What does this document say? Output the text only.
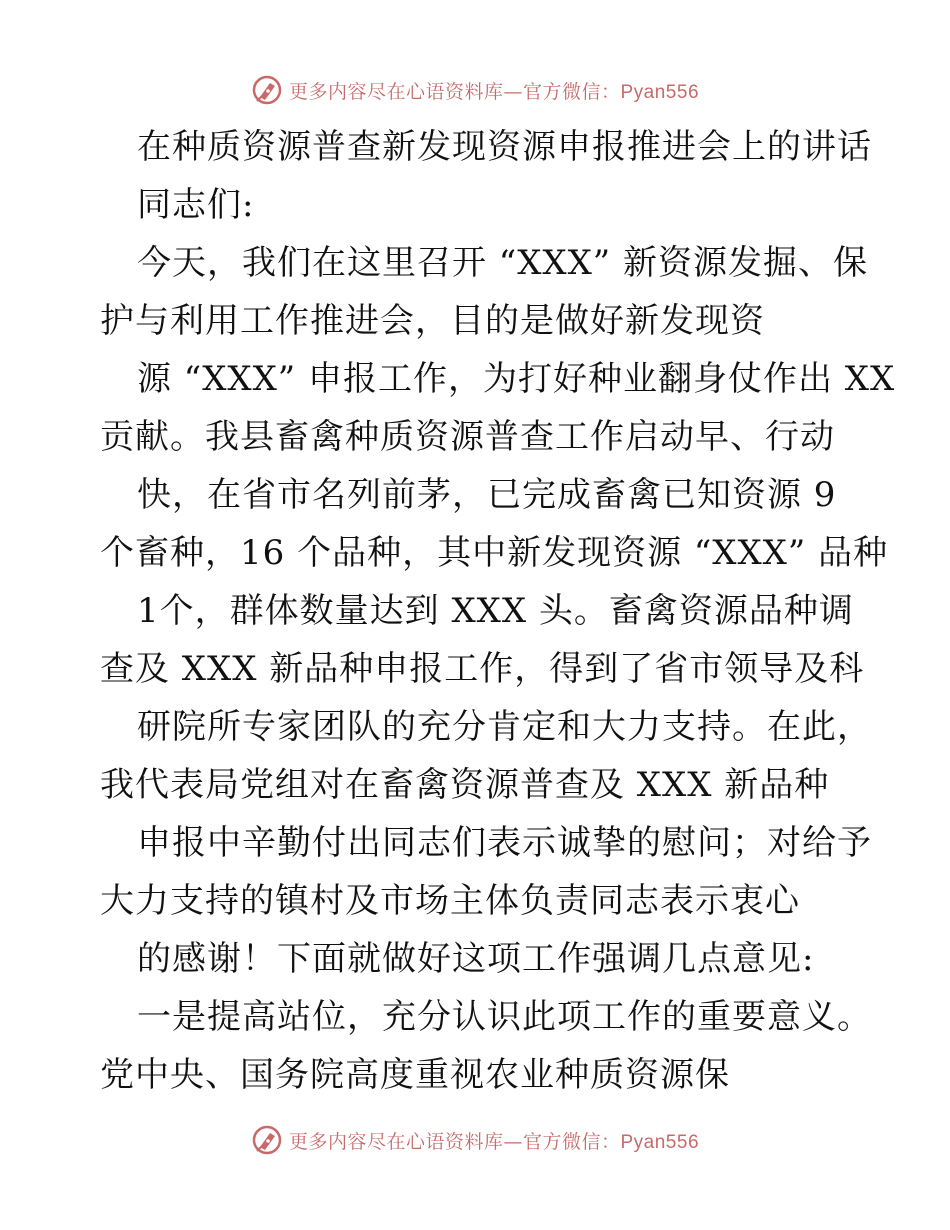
更多内容尽在心语资料库—官方微信：Pyan556
在种质资源普查新发现资源申报推进会上的讲话
同志们:
今天，我们在这里召开 “XXX” 新资源发掘、保
护与利用工作推进会，目的是做好新发现资
源 “XXX” 申报工作，为打好种业翻身仗作出 XX
贡献。我县畜禽种质资源普查工作启动早、行动
快，在省市名列前茅，已完成畜禽已知资源 9
个畜种，16 个品种，其中新发现资源 “XXX” 品种
1个，群体数量达到 XXX 头。畜禽资源品种调
查及 XXX 新品种申报工作，得到了省市领导及科
研院所专家团队的充分肯定和大力支持。在此，
我代表局党组对在畜禽资源普查及 XXX 新品种
申报中辛勤付出同志们表示诚挚的慰问；对给予
大力支持的镇村及市场主体负责同志表示衷心
的感谢！下面就做好这项工作强调几点意见:
一是提高站位，充分认识此项工作的重要意义。
党中央、国务院高度重视农业种质资源保
更多内容尽在心语资料库—官方微信：Pyan556
